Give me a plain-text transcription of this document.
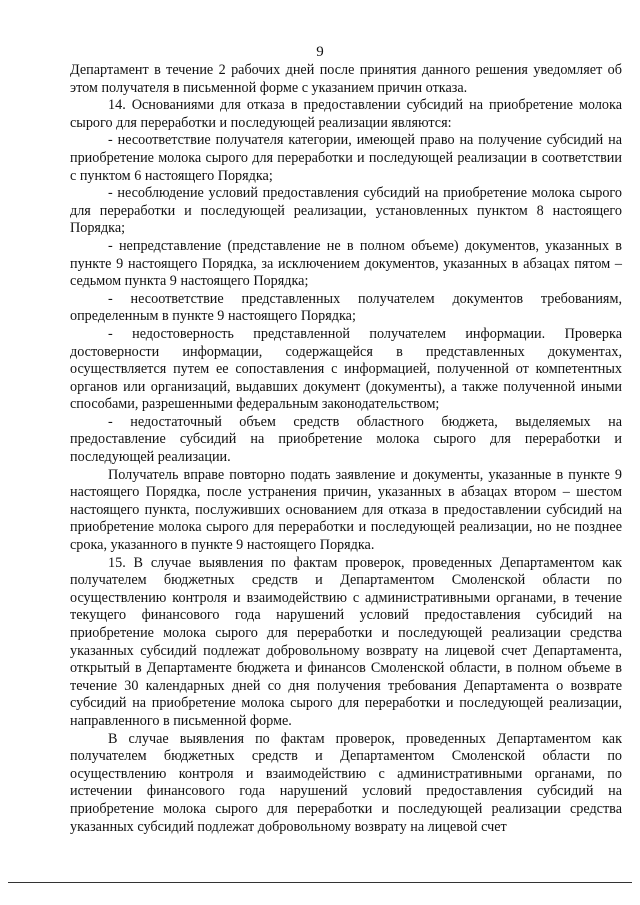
9

Департамент в течение 2 рабочих дней после принятия данного решения уведомляет об этом получателя в письменной форме с указанием причин отказа.

14. Основаниями для отказа в предоставлении субсидий на приобретение молока сырого для переработки и последующей реализации являются:

- несоответствие получателя категории, имеющей право на получение субсидий на приобретение молока сырого для переработки и последующей реализации в соответствии с пунктом 6 настоящего Порядка;

- несоблюдение условий предоставления субсидий на приобретение молока сырого для переработки и последующей реализации, установленных пунктом 8 настоящего Порядка;

- непредставление (представление не в полном объеме) документов, указанных в пункте 9 настоящего Порядка, за исключением документов, указанных в абзацах пятом – седьмом пункта 9 настоящего Порядка;

- несоответствие представленных получателем документов требованиям, определенным в пункте 9 настоящего Порядка;

- недостоверность представленной получателем информации. Проверка достоверности информации, содержащейся в представленных документах, осуществляется путем ее сопоставления с информацией, полученной от компетентных органов или организаций, выдавших документ (документы), а также полученной иными способами, разрешенными федеральным законодательством;

- недостаточный объем средств областного бюджета, выделяемых на предоставление субсидий на приобретение молока сырого для переработки и последующей реализации.

Получатель вправе повторно подать заявление и документы, указанные в пункте 9 настоящего Порядка, после устранения причин, указанных в абзацах втором – шестом настоящего пункта, послуживших основанием для отказа в предоставлении субсидий на приобретение молока сырого для переработки и последующей реализации, но не позднее срока, указанного в пункте 9 настоящего Порядка.

15. В случае выявления по фактам проверок, проведенных Департаментом как получателем бюджетных средств и Департаментом Смоленской области по осуществлению контроля и взаимодействию с административными органами, в течение текущего финансового года нарушений условий предоставления субсидий на приобретение молока сырого для переработки и последующей реализации средства указанных субсидий подлежат добровольному возврату на лицевой счет Департамента, открытый в Департаменте бюджета и финансов Смоленской области, в полном объеме в течение 30 календарных дней со дня получения требования Департамента о возврате субсидий на приобретение молока сырого для переработки и последующей реализации, направленного в письменной форме.

В случае выявления по фактам проверок, проведенных Департаментом как получателем бюджетных средств и Департаментом Смоленской области по осуществлению контроля и взаимодействию с административными органами, по истечении финансового года нарушений условий предоставления субсидий на приобретение молока сырого для переработки и последующей реализации средства указанных субсидий подлежат добровольному возврату на лицевой счет
